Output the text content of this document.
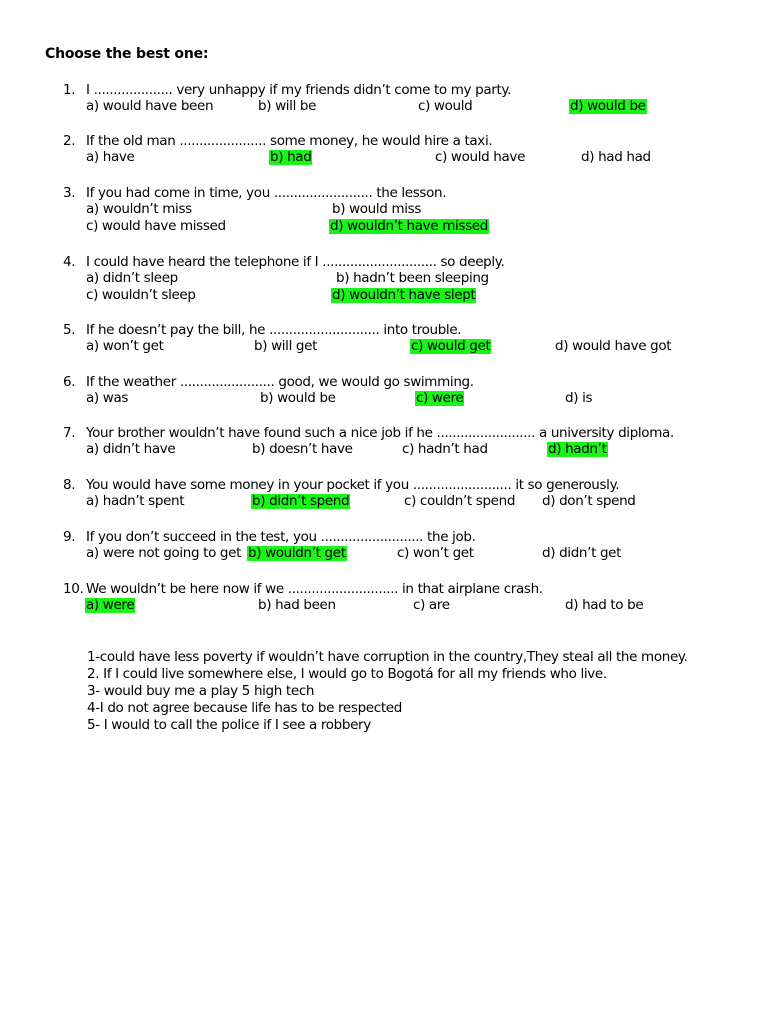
Choose the best one:
1. I .................... very unhappy if my friends didn’t come to my party.
a) would have been	b) will be	c) would	d) would be
2. If the old man ...................... some money, he would hire a taxi.
a) have	b) had	c) would have	d) had had
3. If you had come in time, you ......................... the lesson.
a) wouldn’t miss	b) would miss
c) would have missed	d) wouldn’t have missed
4. I could have heard the telephone if I ............................. so deeply.
a) didn’t sleep	b) hadn’t been sleeping
c) wouldn’t sleep	d) wouldn’t have slept
5. If he doesn’t pay the bill, he ............................ into trouble.
a) won’t get	b) will get	c) would get	d) would have got
6. If the weather ........................ good, we would go swimming.
a) was	b) would be	c) were	d) is
7. Your brother wouldn’t have found such a nice job if he ......................... a university diploma.
a) didn’t have	b) doesn’t have	c) hadn’t had	d) hadn’t
8. You would have some money in your pocket if you ......................... it so generously.
a) hadn’t spent	b) didn’t spend	c) couldn’t spend d) don’t spend
9. If you don’t succeed in the test, you .......................... the job.
a) were not going to get b) wouldn’t get	c) won’t get	d) didn’t get
10. We wouldn’t be here now if we ............................ in that airplane crash.
a) were	b) had been	c) are	d) had to be
1-could have less poverty if wouldn’t have corruption in the country,They steal all the money.
2. If I could live somewhere else, I would go to Bogotá for all my friends who live.
3- would buy me a play 5 high tech
4-I do not agree because life has to be respected
5- I would to call the police if I see a robbery
